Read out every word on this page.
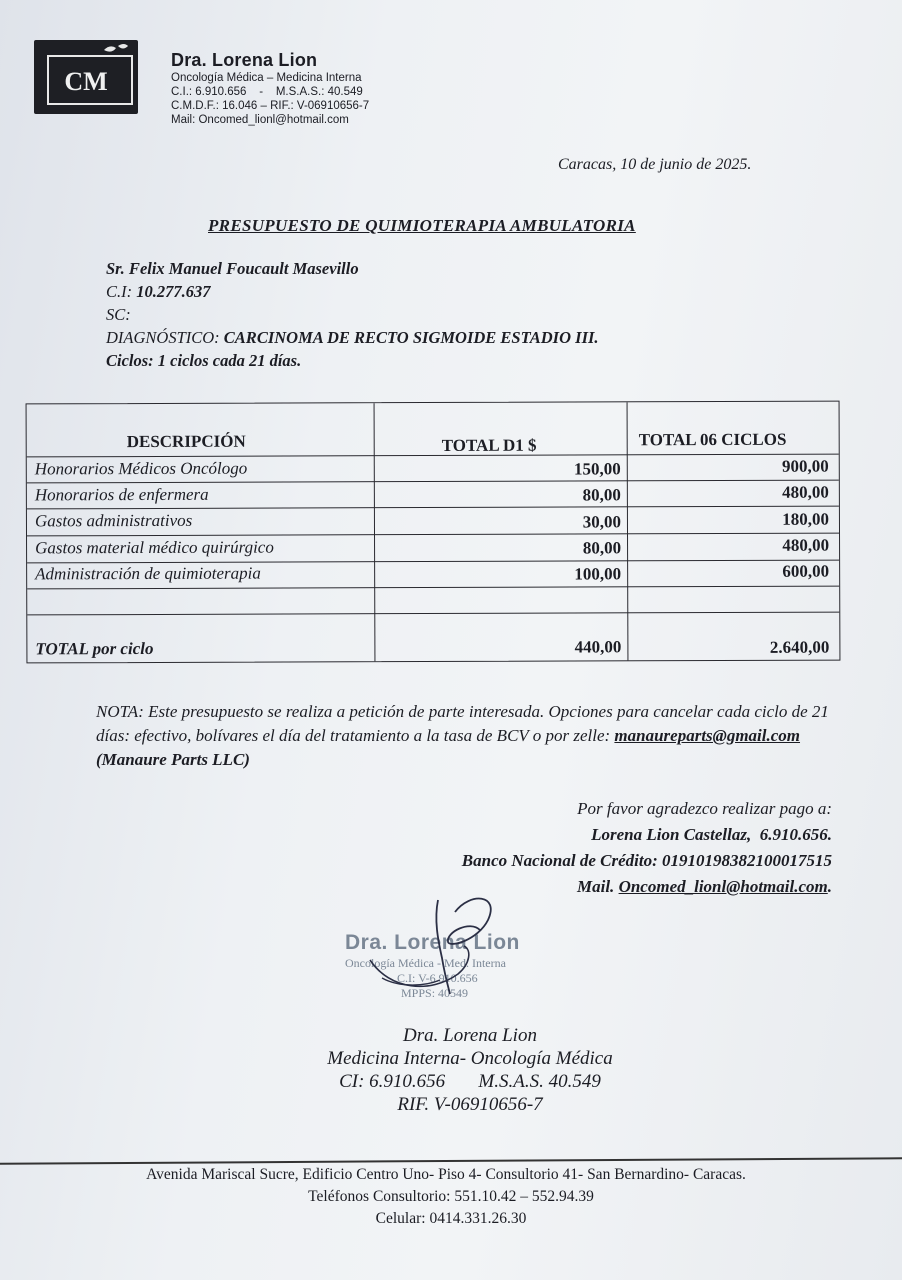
CM
Dra. Lorena Lion
Oncología Médica – Medicina Interna
C.I.: 6.910.656    -    M.S.A.S.: 40.549
C.M.D.F.: 16.046 – RIF.: V-06910656-7
Mail: Oncomed_lionl@hotmail.com
Caracas, 10 de junio de 2025.
PRESUPUESTO DE QUIMIOTERAPIA AMBULATORIA
Sr. Felix Manuel Foucault Masevillo
C.I: 10.277.637
SC:
DIAGNÓSTICO: CARCINOMA DE RECTO SIGMOIDE ESTADIO III.
Ciclos: 1 ciclos cada 21 días.
DESCRIPCIÓN	TOTAL D1 $	TOTAL 06 CICLOS
Honorarios Médicos Oncólogo	150,00	900,00
Honorarios de enfermera	80,00	480,00
Gastos administrativos	30,00	180,00
Gastos material médico quirúrgico	80,00	480,00
Administración de quimioterapia	100,00	600,00
TOTAL por ciclo	440,00	2.640,00
NOTA: Este presupuesto se realiza a petición de parte interesada. Opciones para cancelar cada ciclo de 21 días: efectivo, bolívares el día del tratamiento a la tasa de BCV o por zelle: manaureparts@gmail.com (Manaure Parts LLC)
Por favor agradezco realizar pago a:
Lorena Lion Castellaz,  6.910.656.
Banco Nacional de Crédito: 01910198382100017515
Mail. Oncomed_lionl@hotmail.com.
Dra. Lorena Lion
Oncología Médica - Med. Interna
C.I: V-6.910.656
MPPS: 40549
Dra. Lorena Lion
Medicina Interna- Oncología Médica
CI: 6.910.656       M.S.A.S. 40.549
RIF. V-06910656-7
Avenida Mariscal Sucre, Edificio Centro Uno- Piso 4- Consultorio 41- San Bernardino- Caracas.
Teléfonos Consultorio: 551.10.42 – 552.94.39
Celular: 0414.331.26.30
